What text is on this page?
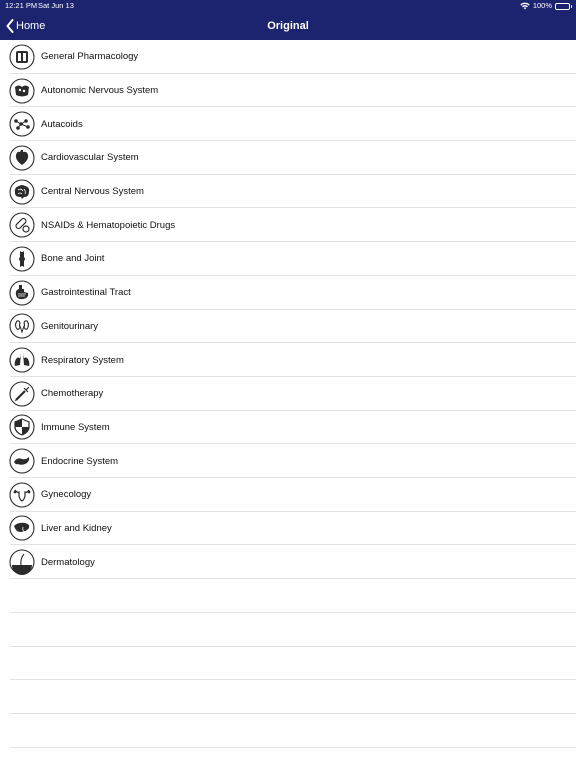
12:21 PM Sat Jun 13	100%
Home	Original
General Pharmacology
Autonomic Nervous System
Autacoids
Cardiovascular System
Central Nervous System
NSAIDs & Hematopoietic Drugs
Bone and Joint
Gastrointestinal Tract
Genitourinary
Respiratory System
Chemotherapy
Immune System
Endocrine System
Gynecology
Liver and Kidney
Dermatology
